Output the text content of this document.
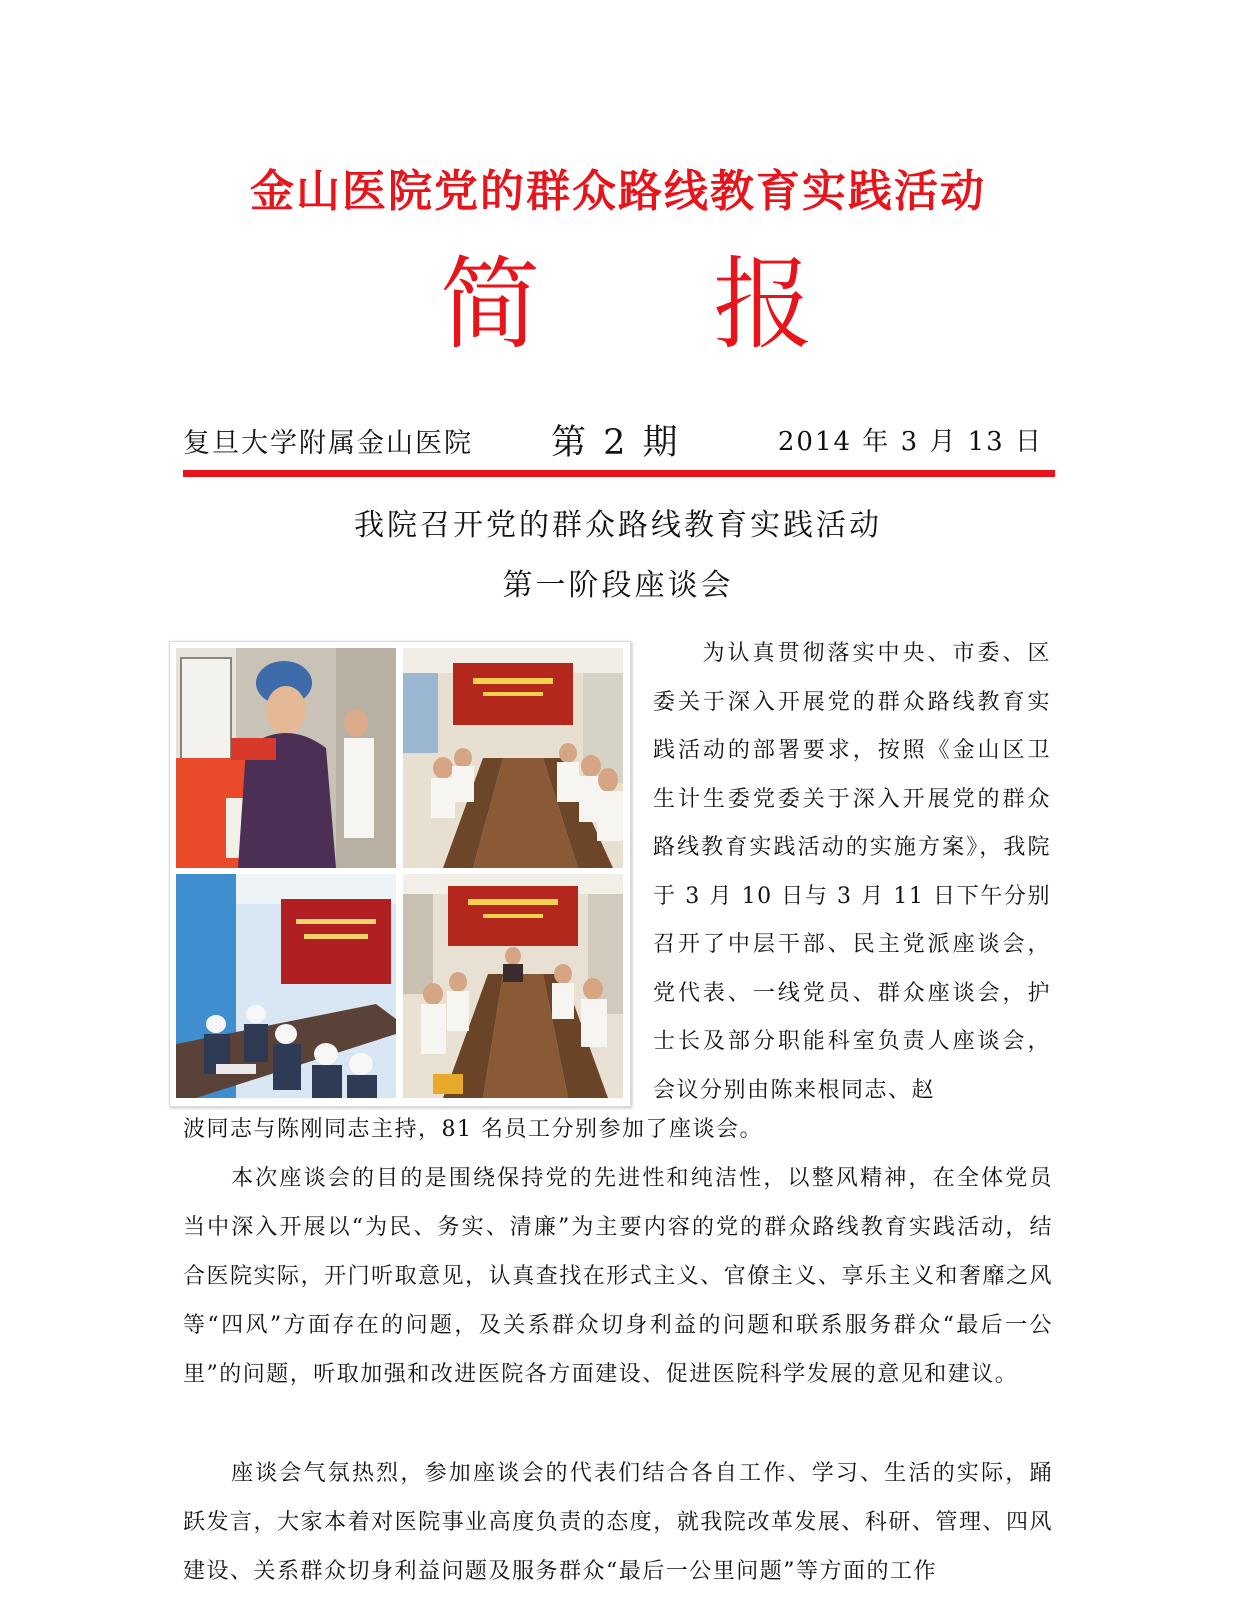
金山医院党的群众路线教育实践活动
简 报
复旦大学附属金山医院 第 2 期	2014 年 3 月 13 日
我院召开党的群众路线教育实践活动
第一阶段座谈会
为认真贯彻落实中央、市委、区委关于深入开展党的群众路线教育实践活动的部署要求，按照《金山区卫生计生委党委关于深入开展党的群众路线教育实践活动的实施方案》，我院于 3 月 10 日与 3 月 11 日下午分别召开了中层干部、民主党派座谈会，党代表、一线党员、群众座谈会，护士长及部分职能科室负责人座谈会，会议分别由陈来根同志、赵
波同志与陈刚同志主持，81 名员工分别参加了座谈会。
本次座谈会的目的是围绕保持党的先进性和纯洁性，以整风精神，在全体党员当中深入开展以“为民、务实、清廉”为主要内容的党的群众路线教育实践活动，结合医院实际，开门听取意见，认真查找在形式主义、官僚主义、享乐主义和奢靡之风等“四风”方面存在的问题，及关系群众切身利益的问题和联系服务群众“最后一公里”的问题，听取加强和改进医院各方面建设、促进医院科学发展的意见和建议。
座谈会气氛热烈，参加座谈会的代表们结合各自工作、学习、生活的实际，踊跃发言，大家本着对医院事业高度负责的态度，就我院改革发展、科研、管理、四风建设、关系群众切身利益问题及服务群众“最后一公里问题”等方面的工作
